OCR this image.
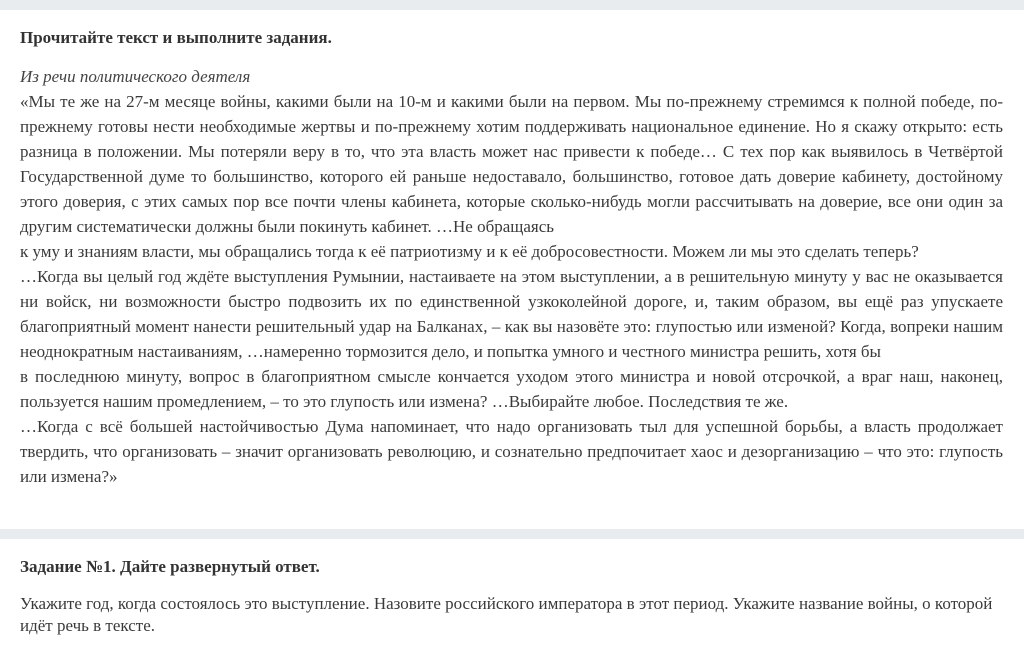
Прочитайте текст и выполните задания.
Из речи политического деятеля

«Мы те же на 27-м месяце войны, какими были на 10-м и какими были на первом. Мы по-прежнему стремимся к полной победе, по-прежнему готовы нести необходимые жертвы и по-прежнему хотим поддерживать национальное единение. Но я скажу открыто: есть разница в положении. Мы потеряли веру в то, что эта власть может нас привести к победе… С тех пор как выявилось в Четвёртой Государственной думе то большинство, которого ей раньше недоставало, большинство, готовое дать доверие кабинету, достойному этого доверия, с этих самых пор все почти члены кабинета, которые сколько-нибудь могли рассчитывать на доверие, все они один за другим систематически должны были покинуть кабинет. …Не обращаясь

к уму и знаниям власти, мы обращались тогда к её патриотизму и к её добросовестности. Можем ли мы это сделать теперь?

…Когда вы целый год ждёте выступления Румынии, настаиваете на этом выступлении, а в решительную минуту у вас не оказывается ни войск, ни возможности быстро подвозить их по единственной узкоколейной дороге, и, таким образом, вы ещё раз упускаете благоприятный момент нанести решительный удар на Балканах, – как вы назовёте это: глупостью или изменой? Когда, вопреки нашим неоднократным настаиваниям, …намеренно тормозится дело, и попытка умного и честного министра решить, хотя бы

в последнюю минуту, вопрос в благоприятном смысле кончается уходом этого министра и новой отсрочкой, а враг наш, наконец, пользуется нашим промедлением, – то это глупость или измена? …Выбирайте любое. Последствия те же.

…Когда с всё большей настойчивостью Дума напоминает, что надо организовать тыл для успешной борьбы, а власть продолжает твердить, что организовать – значит организовать революцию, и сознательно предпочитает хаос и дезорганизацию – что это: глупость или измена?»

Задание №1. Дайте развернутый ответ.
Укажите год, когда состоялось это выступление. Назовите российского императора в этот период. Укажите название войны, о которой идёт речь в тексте.
